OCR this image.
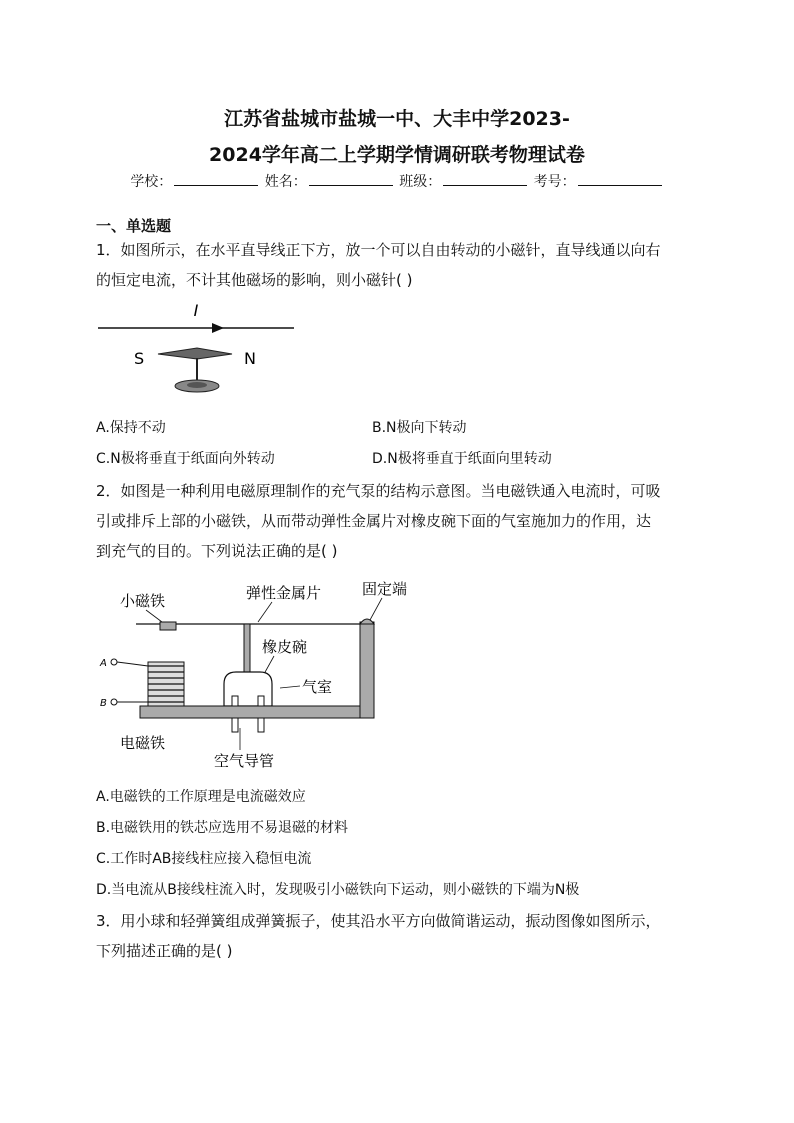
江苏省盐城市盐城一中、大丰中学2023-
2024学年高二上学期学情调研联考物理试卷
学校：	姓名：	班级：	考号：
一、单选题
1．如图所示，在水平直导线正下方，放一个可以自由转动的小磁针，直导线通以向右
的恒定电流，不计其他磁场的影响，则小磁针( )
I
S	N
A.保持不动	B.N极向下转动
C.N极将垂直于纸面向外转动	D.N极将垂直于纸面向里转动
2．如图是一种利用电磁原理制作的充气泵的结构示意图。当电磁铁通入电流时，可吸
引或排斥上部的小磁铁，从而带动弹性金属片对橡皮碗下面的气室施加力的作用，达
到充气的目的。下列说法正确的是( )
小磁铁	弹性金属片	固定端
橡皮碗
气室
电磁铁
空气导管
A
B
A.电磁铁的工作原理是电流磁效应
B.电磁铁用的铁芯应选用不易退磁的材料
C.工作时AB接线柱应接入稳恒电流
D.当电流从B接线柱流入时，发现吸引小磁铁向下运动，则小磁铁的下端为N极
3．用小球和轻弹簧组成弹簧振子，使其沿水平方向做简谐运动，振动图像如图所示，
下列描述正确的是( )
